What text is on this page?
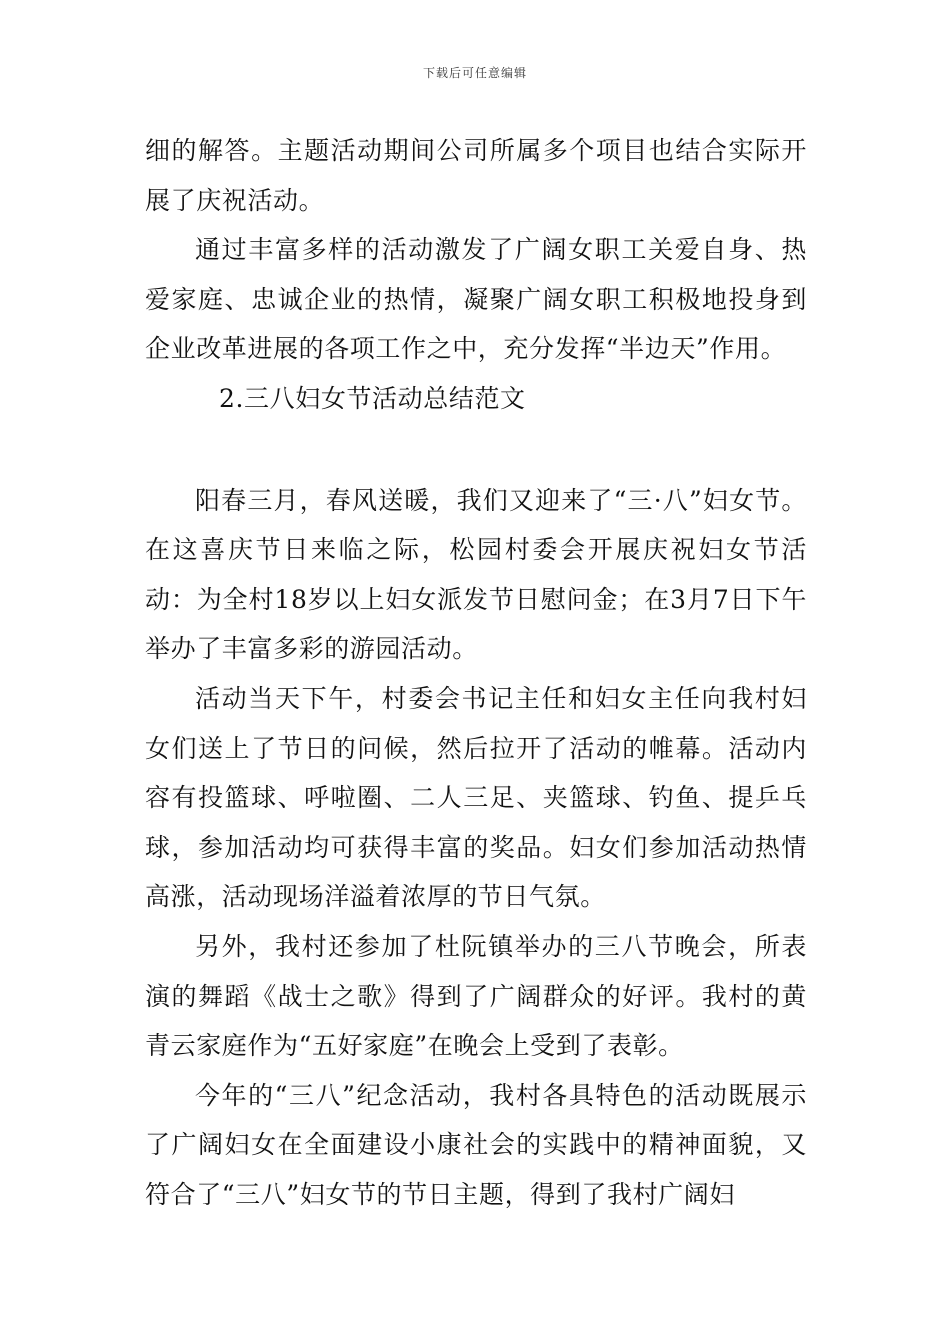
下载后可任意编辑

细的解答。主题活动期间公司所属多个项目也结合实际开展了庆祝活动。

通过丰富多样的活动激发了广阔女职工关爱自身、热爱家庭、忠诚企业的热情，凝聚广阔女职工积极地投身到企业改革进展的各项工作之中，充分发挥“半边天”作用。

2.三八妇女节活动总结范文

阳春三月，春风送暖，我们又迎来了“三·八”妇女节。在这喜庆节日来临之际，松园村委会开展庆祝妇女节活动：为全村18岁以上妇女派发节日慰问金；在3月7日下午举办了丰富多彩的游园活动。

活动当天下午，村委会书记主任和妇女主任向我村妇女们送上了节日的问候，然后拉开了活动的帷幕。活动内容有投篮球、呼啦圈、二人三足、夹篮球、钓鱼、提乒乓球，参加活动均可获得丰富的奖品。妇女们参加活动热情高涨，活动现场洋溢着浓厚的节日气氛。

另外，我村还参加了杜阮镇举办的三八节晚会，所表演的舞蹈《战士之歌》得到了广阔群众的好评。我村的黄青云家庭作为“五好家庭”在晚会上受到了表彰。

今年的“三八”纪念活动，我村各具特色的活动既展示了广阔妇女在全面建设小康社会的实践中的精神面貌，又符合了“三八”妇女节的节日主题，得到了我村广阔妇
